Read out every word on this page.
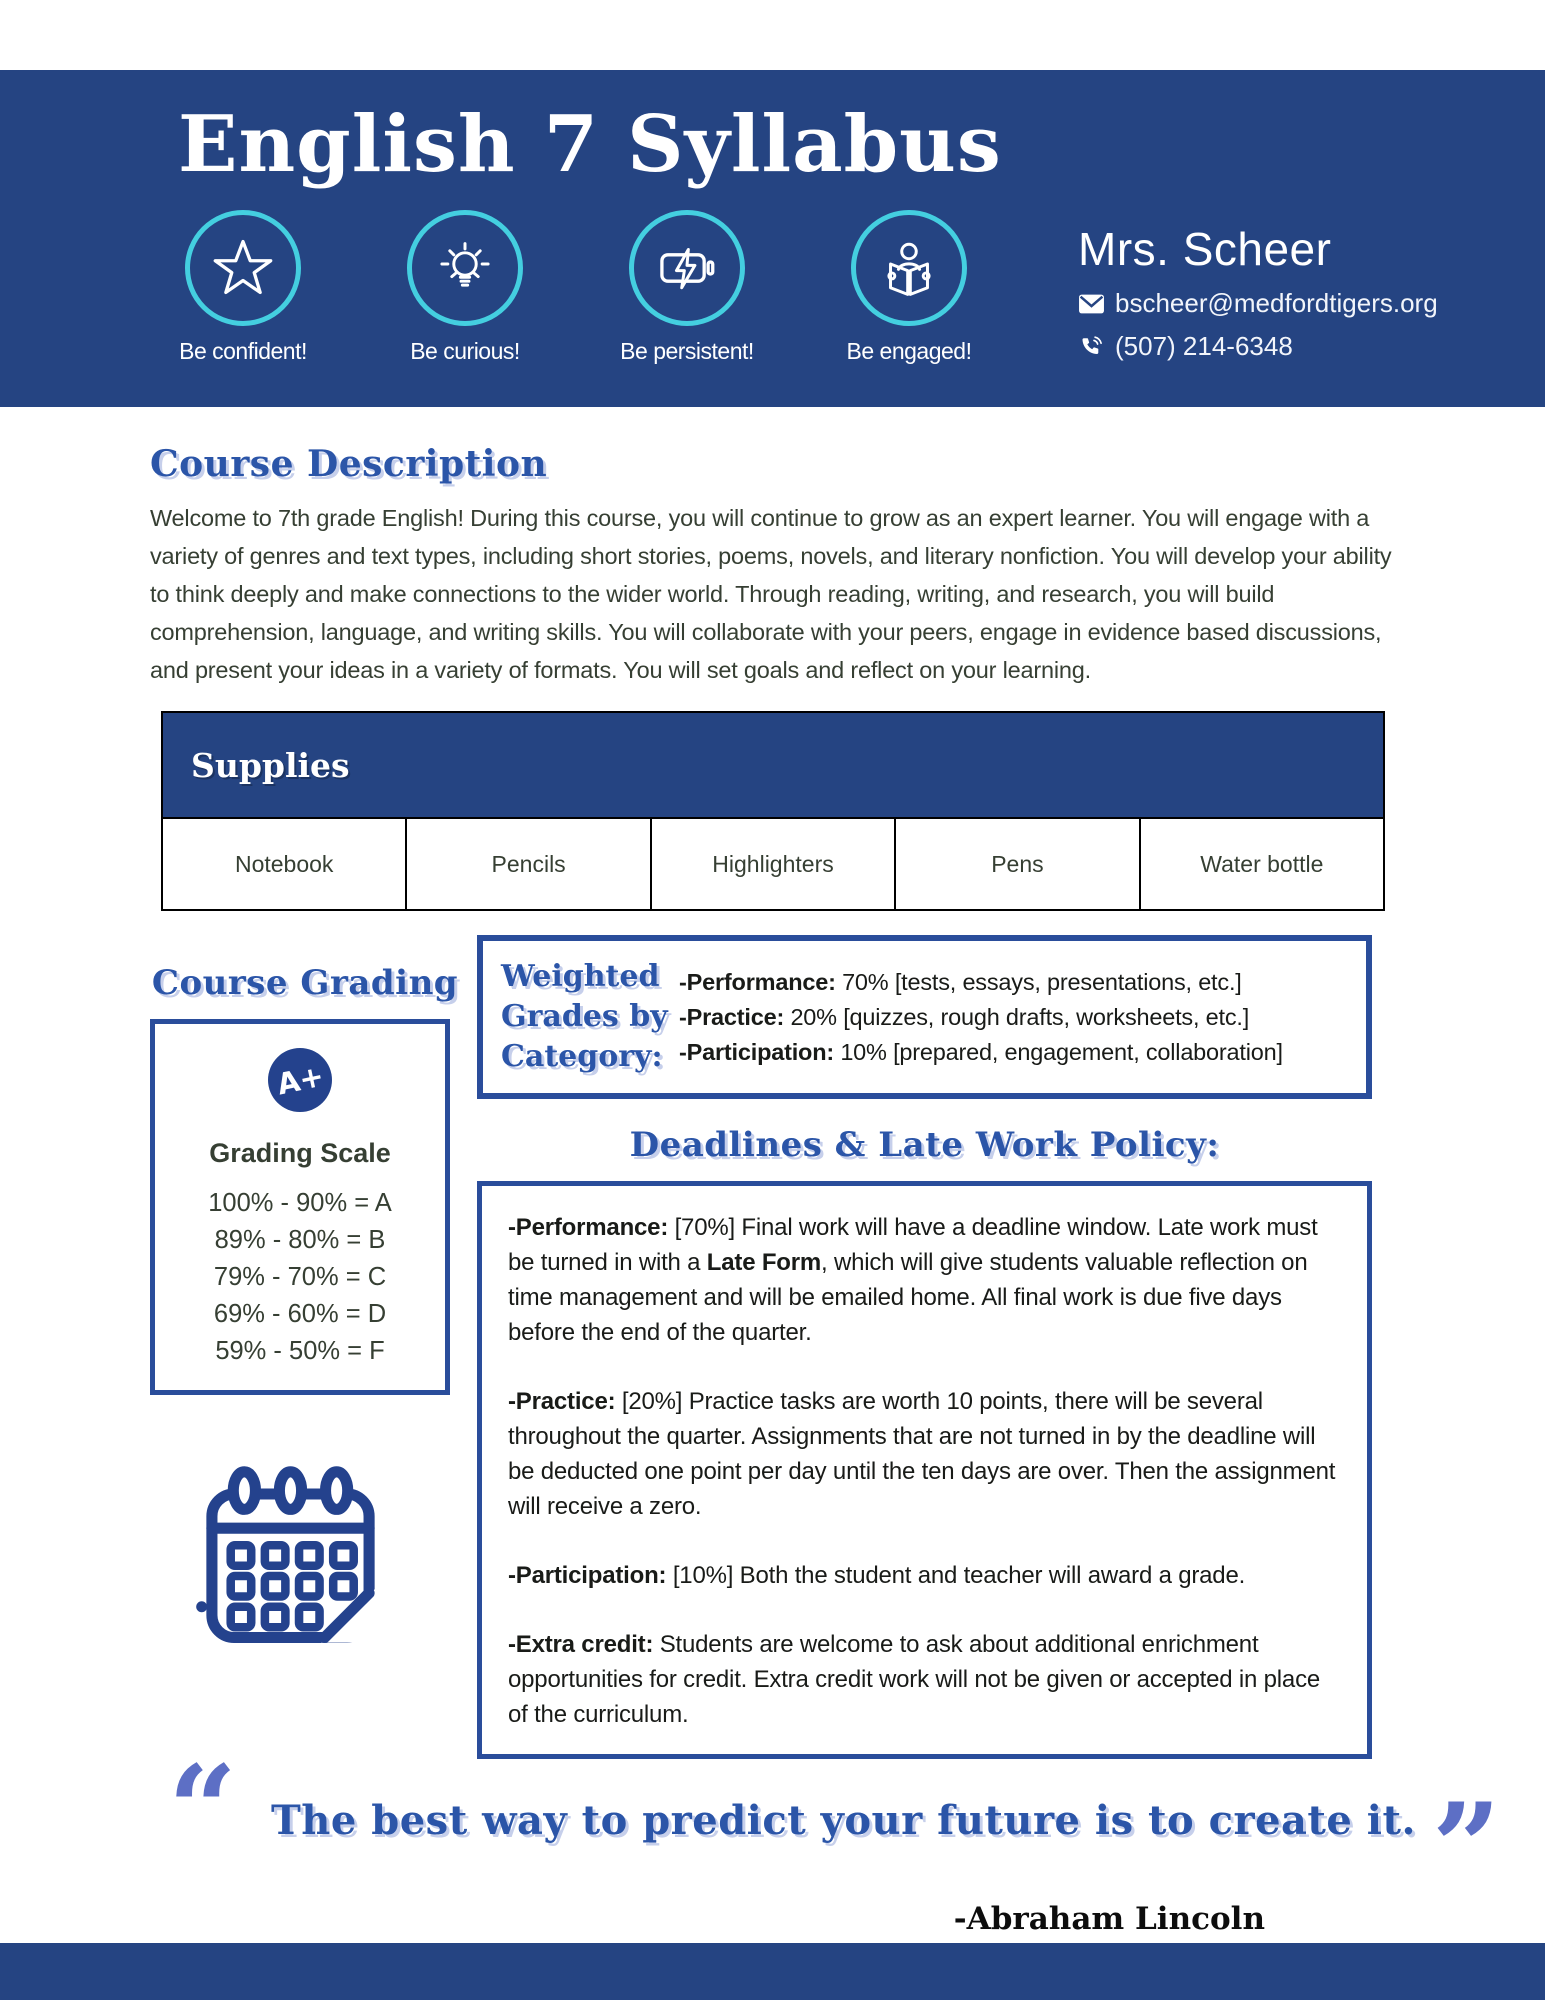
English 7 Syllabus
Be confident!	Be curious!	Be persistent!	Be engaged!
Mrs. Scheer
bscheer@medfordtigers.org
(507) 214-6348
Course Description

Welcome to 7th grade English! During this course, you will continue to grow as an expert learner. You will engage with a variety of genres and text types, including short stories, poems, novels, and literary nonfiction. You will develop your ability to think deeply and make connections to the wider world. Through reading, writing, and research, you will build comprehension, language, and writing skills. You will collaborate with your peers, engage in evidence based discussions, and present your ideas in a variety of formats. You will set goals and reflect on your learning.

Supplies
Notebook	Pencils	Highlighters	Pens	Water bottle
Course Grading
A+
Grading Scale
100% - 90% = A
89% - 80% = B
79% - 70% = C
69% - 60% = D
59% - 50% = F
Weighted Grades by Category:
-Performance: 70% [tests, essays, presentations, etc.]
-Practice: 20% [quizzes, rough drafts, worksheets, etc.]
-Participation: 10% [prepared, engagement, collaboration]
Deadlines & Late Work Policy:

-Performance: [70%] Final work will have a deadline window. Late work must be turned in with a Late Form, which will give students valuable reflection on time management and will be emailed home. All final work is due five days before the end of the quarter.

-Practice: [20%] Practice tasks are worth 10 points, there will be several throughout the quarter. Assignments that are not turned in by the deadline will be deducted one point per day until the ten days are over. Then the assignment will receive a zero.

-Participation: [10%] Both the student and teacher will award a grade.

-Extra credit: Students are welcome to ask about additional enrichment opportunities for credit. Extra credit work will not be given or accepted in place of the curriculum.

“ The best way to predict your future is to create it. ”
-Abraham Lincoln
